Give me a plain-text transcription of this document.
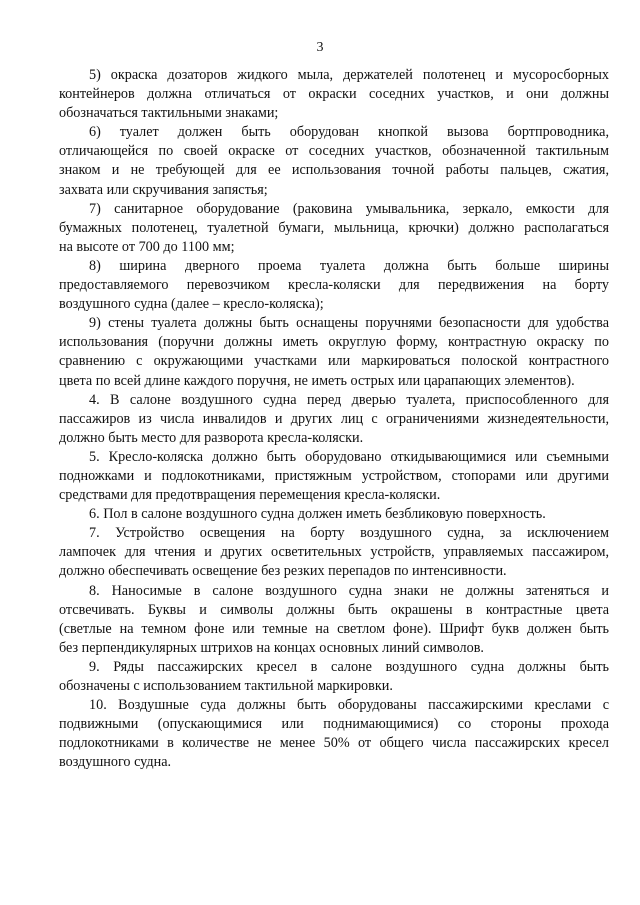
3
5) окраска дозаторов жидкого мыла, держателей полотенец и мусоросборных
контейнеров должна отличаться от окраски соседних участков, и они должны
обозначаться тактильными знаками;
6) туалет должен быть оборудован кнопкой вызова бортпроводника,
отличающейся по своей окраске от соседних участков, обозначенной тактильным
знаком и не требующей для ее использования точной работы пальцев, сжатия,
захвата или скручивания запястья;
7) санитарное оборудование (раковина умывальника, зеркало, емкости для
бумажных полотенец, туалетной бумаги, мыльница, крючки) должно располагаться
на высоте от 700 до 1100 мм;
8) ширина дверного проема туалета должна быть больше ширины
предоставляемого перевозчиком кресла-коляски для передвижения на борту
воздушного судна (далее – кресло-коляска);
9) стены туалета должны быть оснащены поручнями безопасности для удобства
использования (поручни должны иметь округлую форму, контрастную окраску по
сравнению с окружающими участками или маркироваться полоской контрастного
цвета по всей длине каждого поручня, не иметь острых или царапающих элементов).
4. В салоне воздушного судна перед дверью туалета, приспособленного для
пассажиров из числа инвалидов и других лиц с ограничениями жизнедеятельности,
должно быть место для разворота кресла-коляски.
5. Кресло-коляска должно быть оборудовано откидывающимися или съемными
подножками и подлокотниками, пристяжным устройством, стопорами или другими
средствами для предотвращения перемещения кресла-коляски.
6. Пол в салоне воздушного судна должен иметь безбликовую поверхность.
7. Устройство освещения на борту воздушного судна, за исключением
лампочек для чтения и других осветительных устройств, управляемых пассажиром,
должно обеспечивать освещение без резких перепадов по интенсивности.
8. Наносимые в салоне воздушного судна знаки не должны затеняться и
отсвечивать. Буквы и символы должны быть окрашены в контрастные цвета
(светлые на темном фоне или темные на светлом фоне). Шрифт букв должен быть
без перпендикулярных штрихов на концах основных линий символов.
9. Ряды пассажирских кресел в салоне воздушного судна должны быть
обозначены с использованием тактильной маркировки.
10. Воздушные суда должны быть оборудованы пассажирскими креслами с
подвижными (опускающимися или поднимающимися) со стороны прохода
подлокотниками в количестве не менее 50% от общего числа пассажирских кресел
воздушного судна.
